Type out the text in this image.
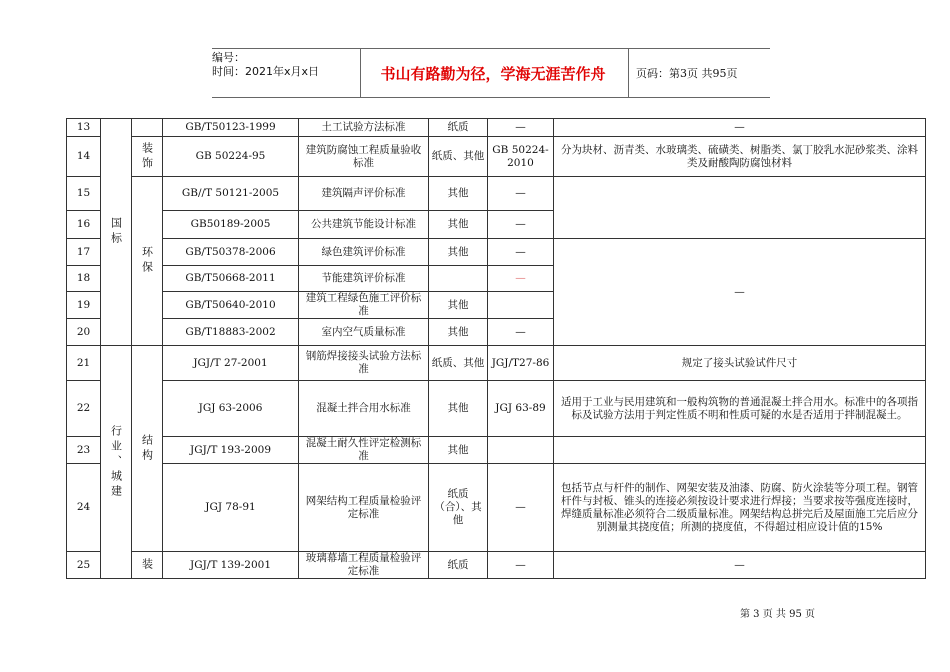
编号：
时间：2021年x月x日	书山有路勤为径，学海无涯苦作舟	页码：第3页 共95页
13	国标		GB/T50123-1999	土工试验方法标准	纸质	—	—
14		装饰	GB 50224-95	建筑防腐蚀工程质量验收标准	纸质、其他	GB 50224-2010	分为块材、沥青类、水玻璃类、硫磺类、树脂类、氯丁胶乳水泥砂浆类、涂料类及耐酸陶防腐蚀材料
15		环保	GB//T 50121-2005	建筑隔声评价标准	其他	—	
16			GB50189-2005	公共建筑节能设计标准	其他	—	
17			GB/T50378-2006	绿色建筑评价标准	其他	—	—
18			GB/T50668-2011	节能建筑评价标准		—	
19			GB/T50640-2010	建筑工程绿色施工评价标准	其他		
20			GB/T18883-2002	室内空气质量标准	其他	—	
21	行业、城建	结构	JGJ/T 27-2001	钢筋焊接接头试验方法标准	纸质、其他	JGJ/T27-86	规定了接头试验试件尺寸
22			JGJ 63-2006	混凝土拌合用水标准	其他	JGJ 63-89	适用于工业与民用建筑和一般构筑物的普通混凝土拌合用水。标准中的各项指标及试验方法用于判定性质不明和性质可疑的水是否适用于拌制混凝土。
23			JGJ/T 193-2009	混凝土耐久性评定检测标准	其他		
24			JGJ 78-91	网架结构工程质量检验评定标准	纸质（合）、其他	—	包括节点与杆件的制作、网架安装及油漆、防腐、防火涂装等分项工程。钢管杆件与封板、锥头的连接必须按设计要求进行焊接；当要求按等强度连接时，焊缝质量标准必须符合二级质量标准。网架结构总拼完后及屋面施工完后应分别测量其挠度值；所测的挠度值，不得超过相应设计值的15%
25		装	JGJ/T 139-2001	玻璃幕墙工程质量检验评定标准	纸质	—	—
第 3 页 共 95 页
